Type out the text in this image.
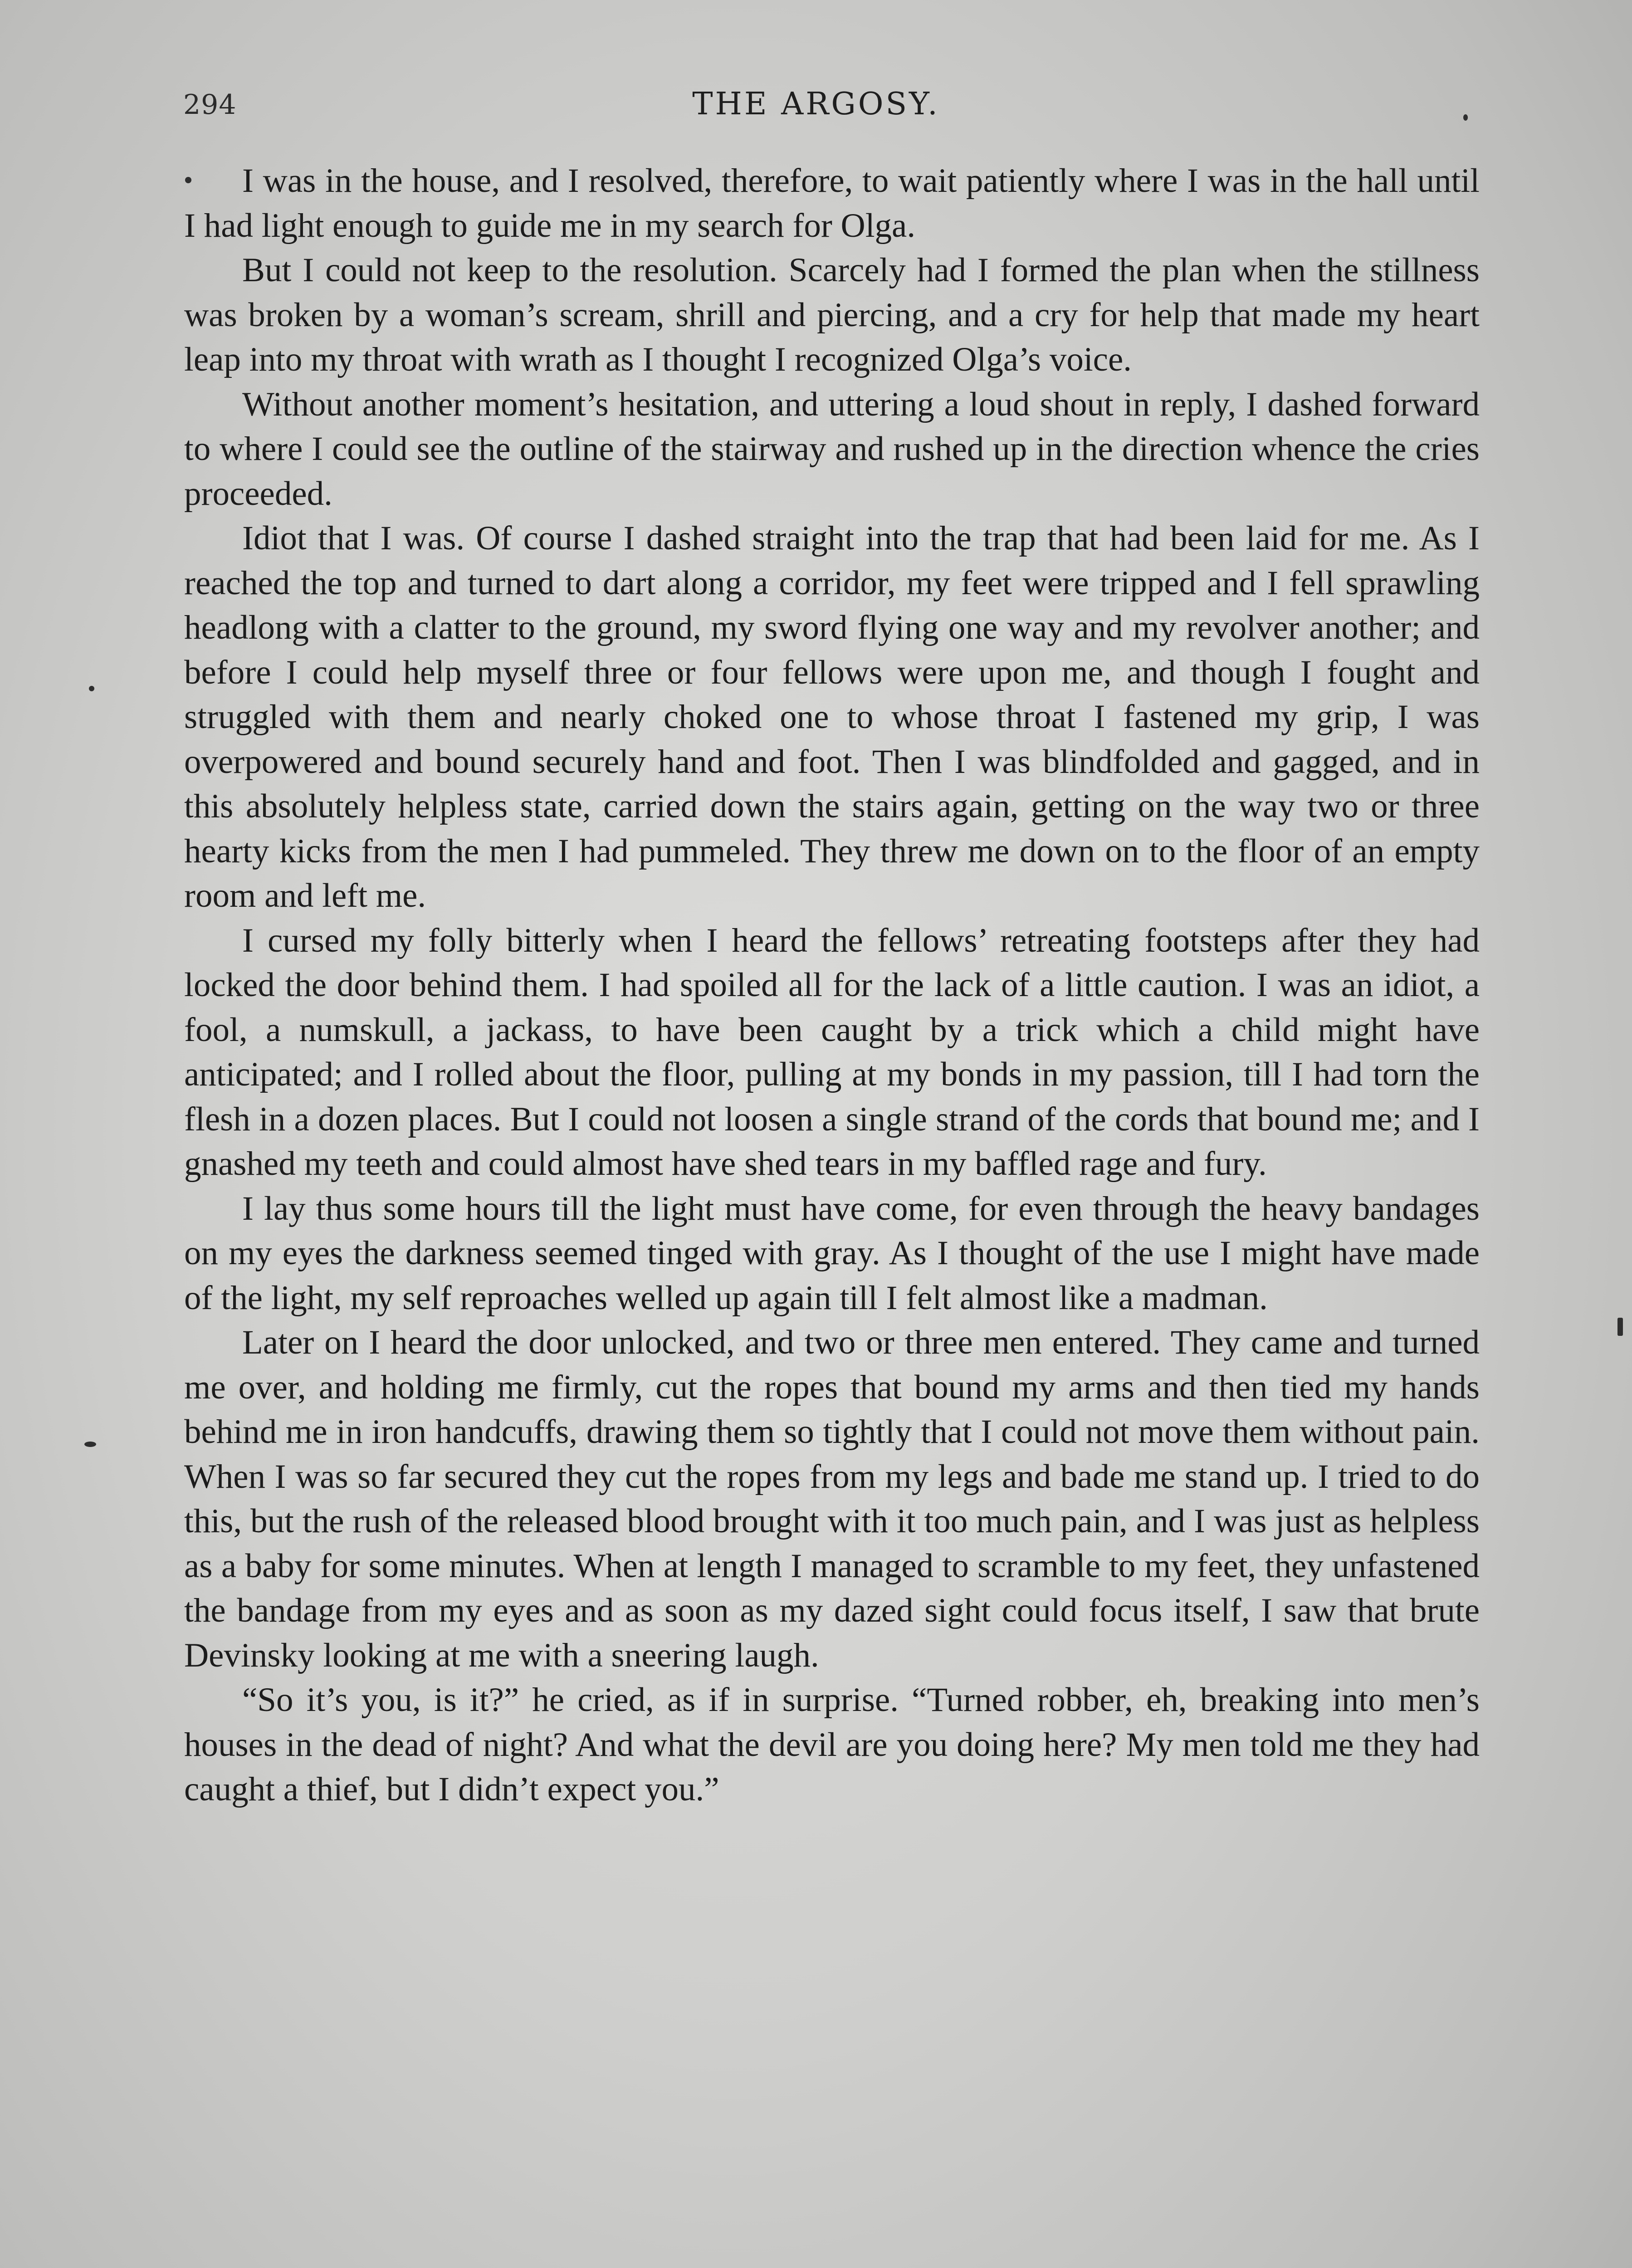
294	THE ARGOSY.

I was in the house, and I resolved, therefore, to wait patiently where I was in the hall until I had light enough to guide me in my search for Olga.

But I could not keep to the resolution. Scarcely had I formed the plan when the stillness was broken by a woman’s scream, shrill and piercing, and a cry for help that made my heart leap into my throat with wrath as I thought I recognized Olga’s voice.

Without another moment’s hesitation, and uttering a loud shout in reply, I dashed forward to where I could see the outline of the stairway and rushed up in the direction whence the cries proceeded.

Idiot that I was. Of course I dashed straight into the trap that had been laid for me. As I reached the top and turned to dart along a corridor, my feet were tripped and I fell sprawling headlong with a clatter to the ground, my sword flying one way and my revolver another; and before I could help myself three or four fellows were upon me, and though I fought and struggled with them and nearly choked one to whose throat I fastened my grip, I was overpowered and bound securely hand and foot. Then I was blindfolded and gagged, and in this absolutely helpless state, carried down the stairs again, getting on the way two or three hearty kicks from the men I had pummeled. They threw me down on to the floor of an empty room and left me.

I cursed my folly bitterly when I heard the fellows’ retreating footsteps after they had locked the door behind them. I had spoiled all for the lack of a little caution. I was an idiot, a fool, a numskull, a jackass, to have been caught by a trick which a child might have anticipated; and I rolled about the floor, pulling at my bonds in my passion, till I had torn the flesh in a dozen places. But I could not loosen a single strand of the cords that bound me; and I gnashed my teeth and could almost have shed tears in my baffled rage and fury.

I lay thus some hours till the light must have come, for even through the heavy bandages on my eyes the darkness seemed tinged with gray. As I thought of the use I might have made of the light, my self reproaches welled up again till I felt almost like a madman.

Later on I heard the door unlocked, and two or three men entered. They came and turned me over, and holding me firmly, cut the ropes that bound my arms and then tied my hands behind me in iron handcuffs, drawing them so tightly that I could not move them without pain. When I was so far secured they cut the ropes from my legs and bade me stand up. I tried to do this, but the rush of the released blood brought with it too much pain, and I was just as helpless as a baby for some minutes. When at length I managed to scramble to my feet, they unfastened the bandage from my eyes and as soon as my dazed sight could focus itself, I saw that brute Devinsky looking at me with a sneering laugh.

“So it’s you, is it?” he cried, as if in surprise. “Turned robber, eh, breaking into men’s houses in the dead of night? And what the devil are you doing here? My men told me they had caught a thief, but I didn’t expect you.”
